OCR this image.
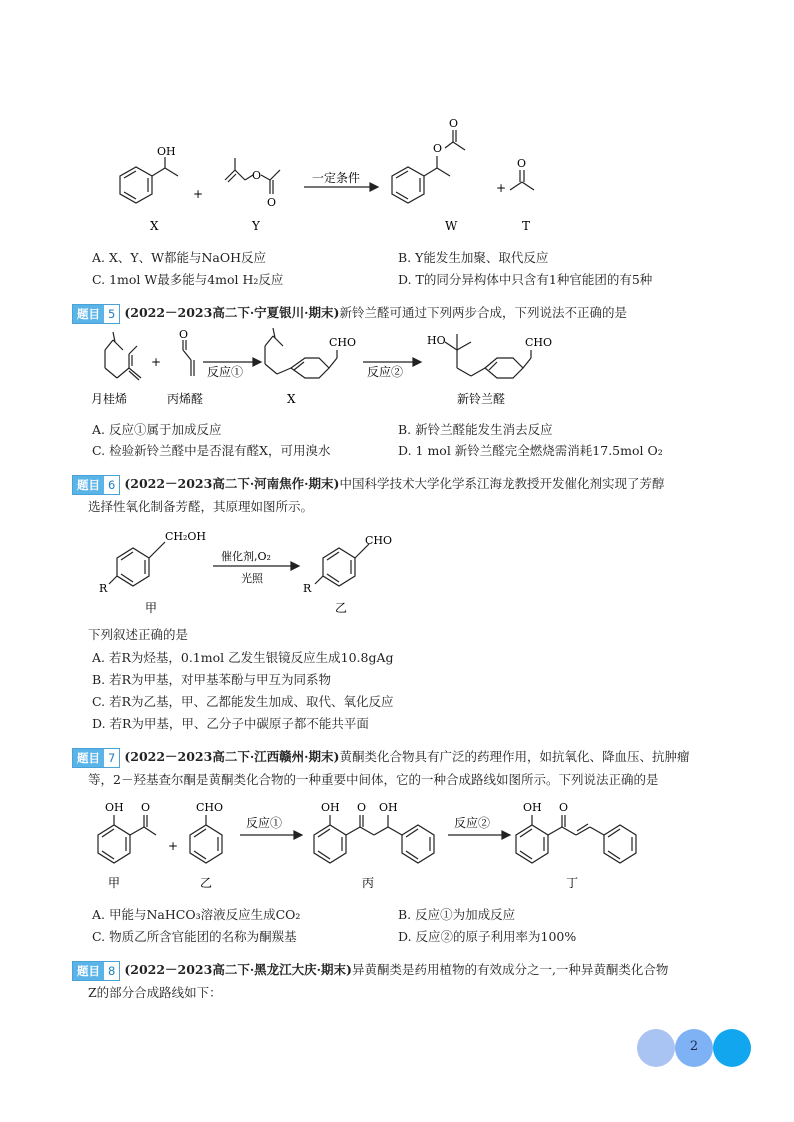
OH
X
+
O
O
Y
一定条件
O
O
W
+
O
T
A. X、Y、W都能与NaOH反应	B. Y能发生加聚、取代反应
C. 1mol W最多能与4mol H₂反应	D. T的同分异构体中只含有1种官能团的有5种
题目 5 (2022－2023高二下·宁夏银川·期末)新铃兰醛可通过下列两步合成，下列说法不正确的是
O
+
反应①
CHO
反应②
HO	CHO
月桂烯	丙烯醛	X	新铃兰醛
A. 反应①属于加成反应	B. 新铃兰醛能发生消去反应
C. 检验新铃兰醛中是否混有醛X，可用溴水	D. 1 mol 新铃兰醛完全燃烧需消耗17.5mol O₂
题目 6 (2022－2023高二下·河南焦作·期末)中国科学技术大学化学系江海龙教授开发催化剂实现了芳醇
选择性氧化制备芳醛，其原理如图所示。
CH₂OH
R
甲
催化剂,O₂
光照
CHO
R
乙
下列叙述正确的是
A. 若R为烃基，0.1mol 乙发生银镜反应生成10.8gAg
B. 若R为甲基，对甲基苯酚与甲互为同系物
C. 若R为乙基，甲、乙都能发生加成、取代、氧化反应
D. 若R为甲基，甲、乙分子中碳原子都不能共平面
题目 7 (2022－2023高二下·江西赣州·期末)黄酮类化合物具有广泛的药理作用，如抗氧化、降血压、抗肿瘤
等，2－羟基查尔酮是黄酮类化合物的一种重要中间体，它的一种合成路线如图所示。下列说法正确的是
OH O
+
CHO
反应①
OH O OH
反应②
OH O
甲	乙	丙	丁
A. 甲能与NaHCO₃溶液反应生成CO₂	B. 反应①为加成反应
C. 物质乙所含官能团的名称为酮羰基	D. 反应②的原子利用率为100%
题目 8 (2022－2023高二下·黑龙江大庆·期末)异黄酮类是药用植物的有效成分之一,一种异黄酮类化合物
Z的部分合成路线如下：
2
